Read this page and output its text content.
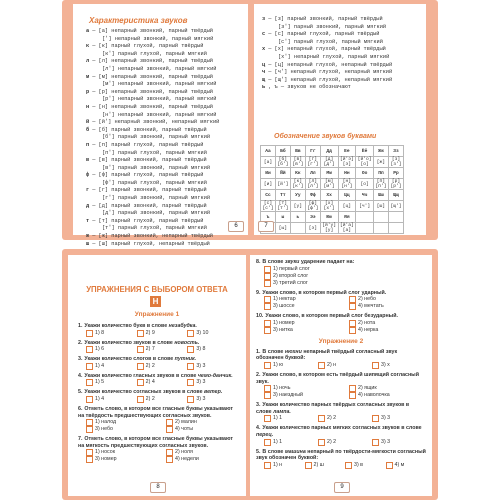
Характеристика звуков
а — [а] непарный звонкий, парный твёрдый
[ʹ] непарный звонкий, парный мягкий
к — [к] парный глухой, парный твёрдый
[кʹ] парный глухой, парный мягкий
л — [л] непарный звонкий, парный твёрдый
[лʹ] непарный звонкий, парный мягкий
м — [м] непарный звонкий, парный твёрдый
[мʹ] непарный звонкий, парный мягкий
р — [р] непарный звонкий, парный твёрдый
[рʹ] непарный звонкий, парный мягкий
н — [н] непарный звонкий, парный твёрдый
[нʹ] непарный звонкий, парный мягкий
й — [йʹ] непарный звонкий, непарный мягкий
б — [б] парный звонкий, парный твёрдый
[бʹ] парный звонкий, парный мягкий
п — [п] парный глухой, парный твёрдый
[пʹ] парный глухой, парный мягкий
в — [в] парный звонкий, парный твёрдый
[вʹ] парный звонкий, парный мягкий
ф — [ф] парный глухой, парный твёрдый
[фʹ] парный глухой, парный мягкий
г — [г] парный звонкий, парный твёрдый
[гʹ] парный звонкий, парный мягкий
д — [д] парный звонкий, парный твёрдый
[дʹ] парный звонкий, парный мягкий
т — [т] парный глухой, парный твёрдый
[тʹ] парный глухой, парный мягкий
ж — [ж] парный звонкий, непарный твёрдый
ш — [ш] парный глухой, непарный твёрдый
6
з — [з] парный звонкий, парный твёрдый
[зʹ] парный звонкий, парный мягкий
с — [с] парный глухой, парный твёрдый
[сʹ] парный глухой, парный мягкий
х — [х] непарный глухой, парный твёрдый
[хʹ] непарный глухой, парный мягкий
ц — [ц] непарный глухой, непарный твёрдый
ч — [чʹ] непарный глухой, непарный мягкий
щ — [щʹ] непарный глухой, непарный мягкий
ь , ъ — звуков не обозначают
Обозначение звуков буквами
Аа	Бб	Вв	Гг	Дд	Ее	Ёё	Жж	Зз
[а]	[б] [бʹ]	[в] [вʹ]	[г] [гʹ]	[д] [дʹ]	[йʹэ] [э]	[йʹо] [о]	[ж]	[з] [зʹ]
Ии	Йй	Кк	Лл	Мм	Нн	Оо	Пп	Рр
[и]	[йʹ]	[к] [кʹ]	[л] [лʹ]	[м] [мʹ]	[н] [нʹ]	[о]	[п] [пʹ]	[р] [рʹ]
Сс	Тт	Уу	Фф	Хх	Цц	Чч	Шш	Щщ
[с] [сʹ]	[т] [тʹ]	[у]	[ф] [фʹ]	[х] [хʹ]	[ц]	[чʹ]	[ш]	[щʹ]
ъ	ы	ь	Ээ	Юю	Яя			
	[ы]		[э]	[йʹу] [у]	[йʹа] [а]			
7
УПРАЖНЕНИЯ С ВЫБОРОМ ОТВЕТА
Н
Упражнение 1
1. Укажи количество букв в слове незабудка.
1) 8	2) 9	3) 10
2. Укажи количество звуков в слове новость.
1) 6	2) 7	3) 8
3. Укажи количество слогов в слове путник.
1) 4	2) 2	3) 3
4. Укажи количество гласных звуков в слове чемо-данчик.
1) 5	2) 4	3) 3
5. Укажи количество согласных звуков в слове ветер.
1) 4	2) 2	3) 3
6. Отметь слово, в котором все гласные буквы указывают на твёрдость предшествующих согласных звуков.
1) налод	2) малин
3) небо	4) чоты
7. Отметь слово, в котором все гласные буквы указывают на мягкость предшествующих согласных звуков.
1) носок	2) ноля
3) номер	4) недели
8
8. В слове звуки ударение падает на:
1) первый слог
2) второй слог
3) третий слог
9. Укажи слово, в котором первый слог ударный.
1) нектар	2) небо
3) шоссе	4) мечтать
10. Укажи слово, в котором первый слог безударный.
1) номер	2) нота
3) нитка	4) нерка
Упражнение 2
1. В слове нюхни непарный твёрдый согласный звук обозначен буквой:
1) ю	2) н	3) х
2. Укажи слово, в котором есть твёрдый шипящий согласный звук.
1) ночь	2) ящик
3) наездный	4) наволочка
3. Укажи количество парных твёрдых согласных звуков в слове лампа.
1) 1	2) 2	3) 3
4. Укажи количество парных мягких согласных звуков в слове перец.
1) 1	2) 2	3) 3
5. В слове машина непарный по твёрдости-мягкости согласный звук обозначен буквой:
1) н	2) ш	3) в	4) м
9
